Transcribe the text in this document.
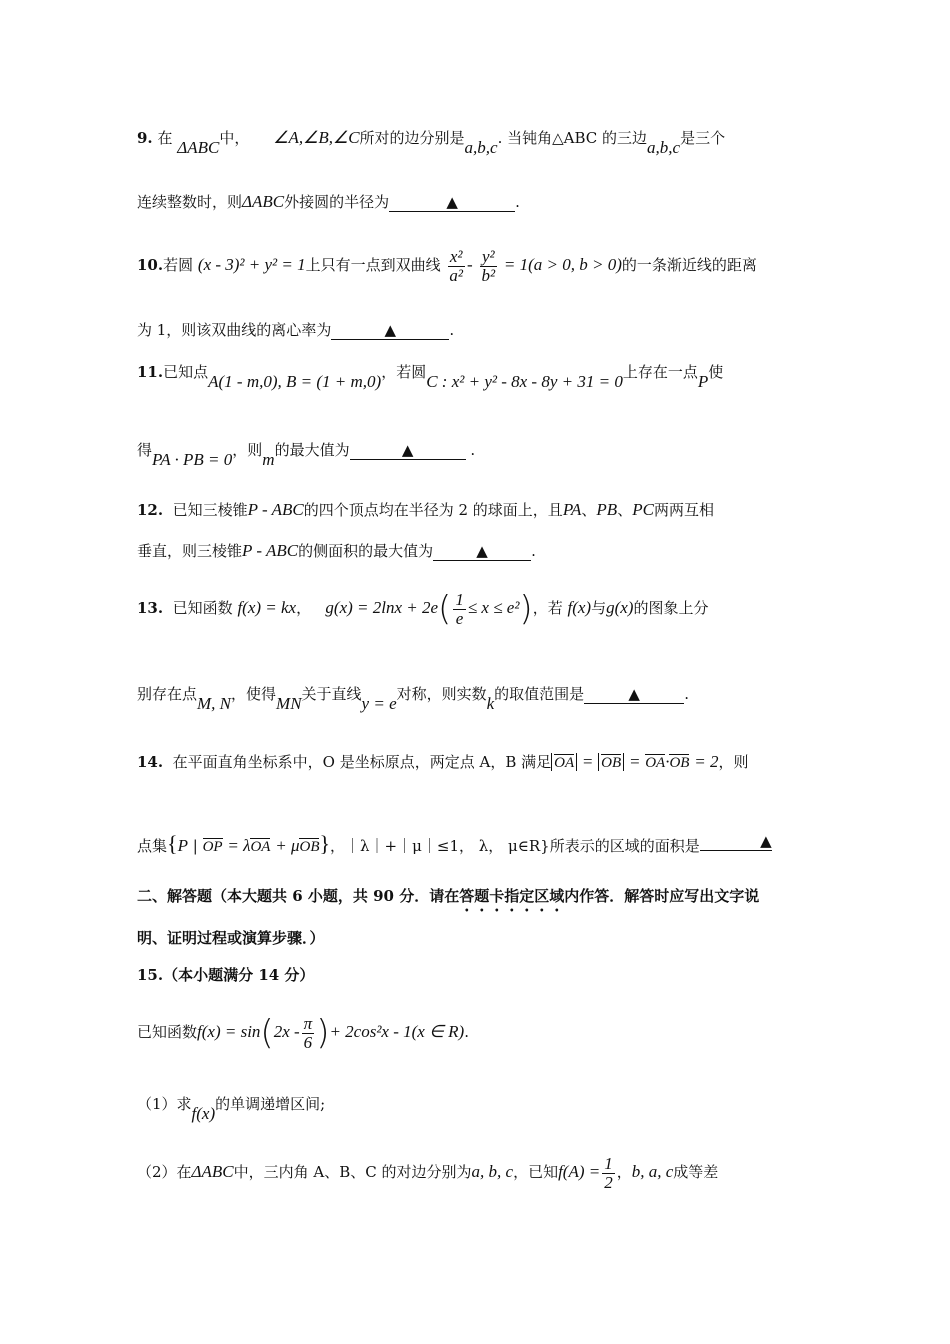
9. 在 ΔABC中， ∠A,∠B,∠C所对的边分别是a,b,c. 当钝角△ABC 的三边a,b,c是三个
连续整数时，则ΔABC外接圆的半径为	▲	.
10.若圆 (x - 3)² + y² = 1上只有一点到双曲线 $\frac{\text{x²}}{\text{a²}} - \frac{\text{y²}}{\text{b²}} = 1(a > 0$, b > 0)的一条渐近线的距离
为 1，则该双曲线的离心率为	▲	.
11.已知点A(1 - m,0), B = (1 + m,0)，若圆C : x² + y² - 8x - 8y + 31 = 0上存在一点P使
得PA · PB = 0，则m的最大值为	▲	.
12. 已知三棱锥P - ABC的四个顶点均在半径为 2 的球面上，且PA、PB、PC两两互相
垂直，则三棱锥P - ABC的侧面积的最大值为	▲	.
13. 已知函数 f(x) = kx，   $g(x) = 2\ln x + 2e( \frac{1}{e} \le x \le e^2)$，若 f(x)与g(x)的图象上分
别存在点M, N，使得MN关于直线y = e对称，则实数k的取值范围是	▲	.
14. 在平面直角坐标系中，O 是坐标原点，两定点 A，B 满足 OA = OB = OA·OB = 2，则
点集{P | OP = λOA + μOB}，｜λ｜+｜μ｜≤1， λ， μ∈R}所表示的区域的面积是	▲
二、解答题（本大题共 6 小题，共 90 分．请在答题卡指定区域内作答．解答时应写出文字说
明、证明过程或演算步骤．）
15.（本小题满分 14 分）
已知函数$f(x) = \sin(2x - \frac{\pi}{6}$ )+ 2cos²x - 1(x ∈ R).
（1）求f(x)的单调递增区间;
（2）在ΔABC中，三内角 A、B、C 的对边分别为a, b, c，已知$f(A) = \frac{1}{2}$ ，b, a, c成等差
